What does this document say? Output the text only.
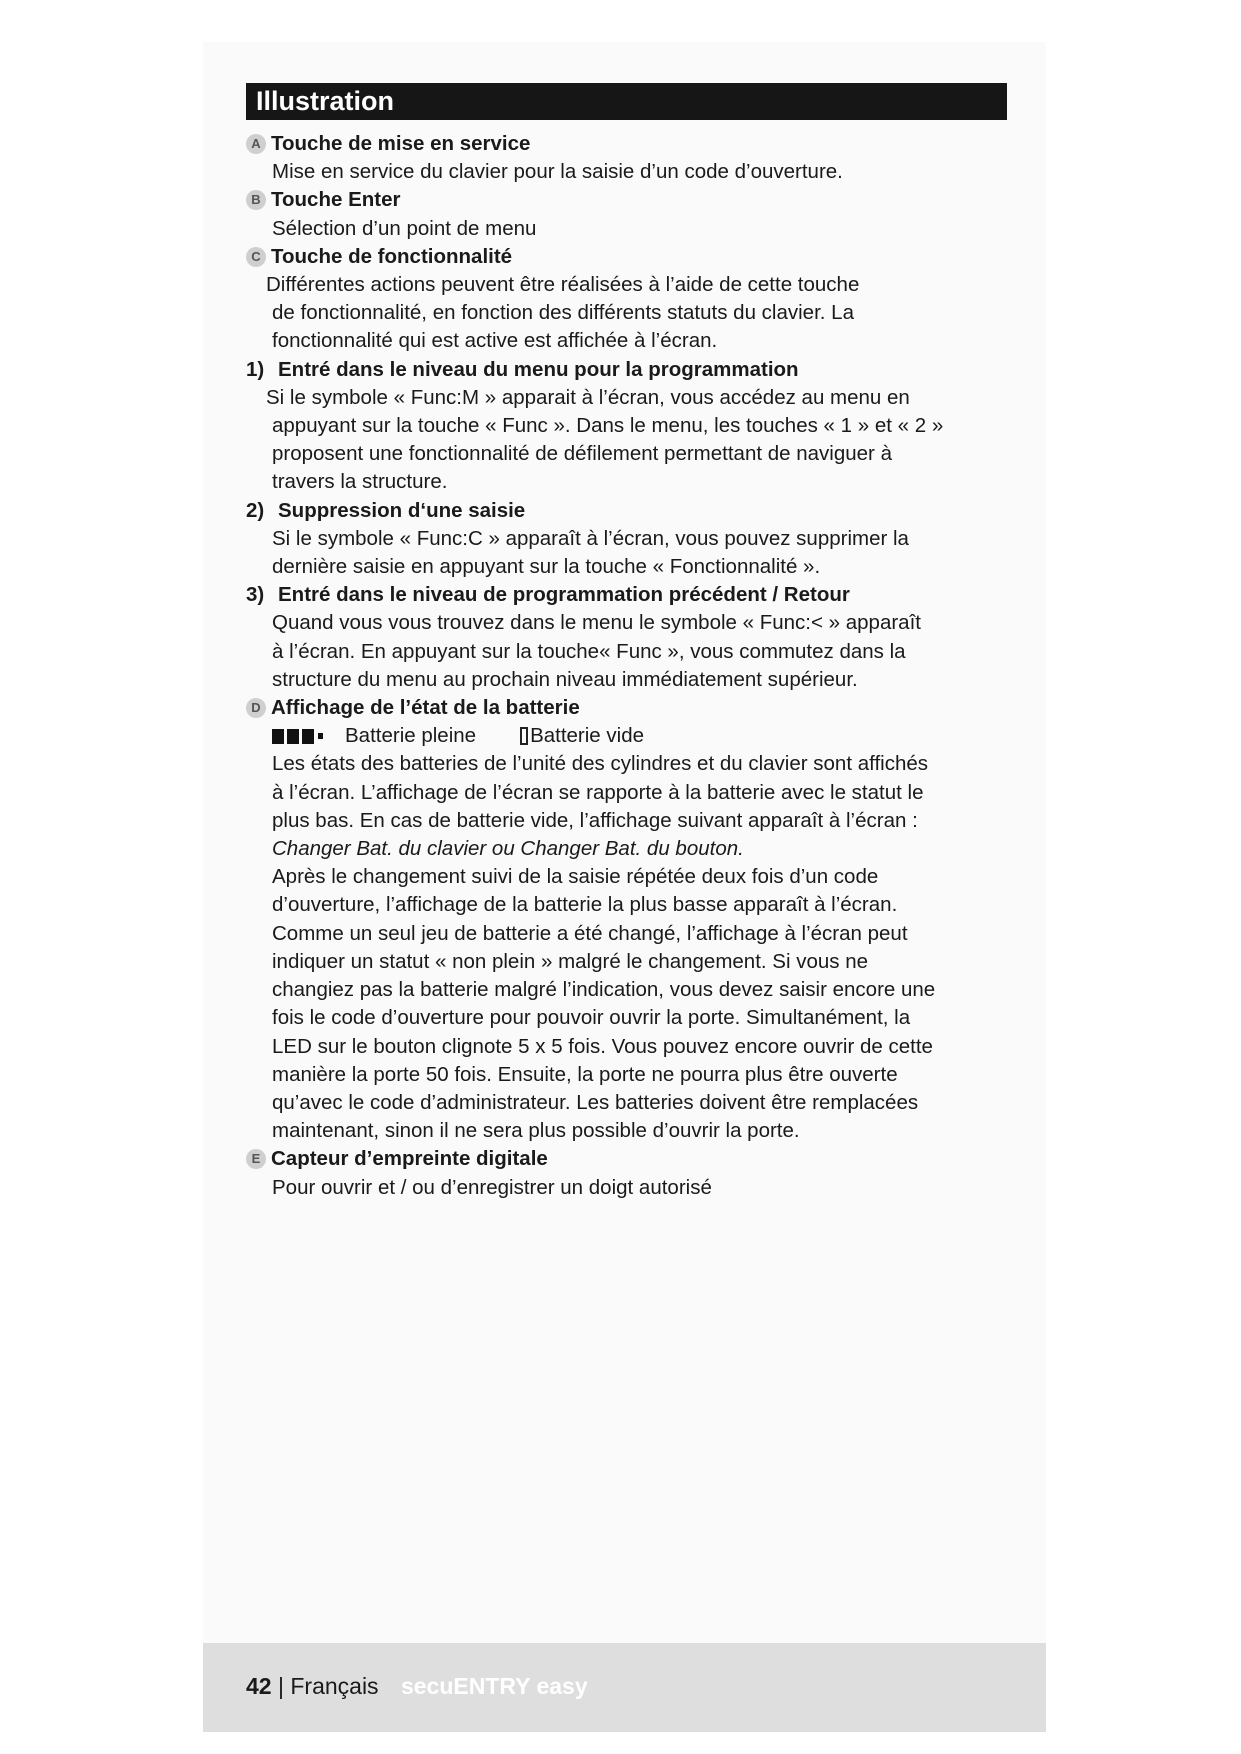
Illustration
A Touche de mise en service
Mise en service du clavier pour la saisie d’un code d’ouverture.
B Touche Enter
Sélection d’un point de menu
C Touche de fonctionnalité
Différentes actions peuvent être réalisées à l’aide de cette touche
de fonctionnalité, en fonction des différents statuts du clavier. La
fonctionnalité qui est active est affichée à l’écran.
1) Entré dans le niveau du menu pour la programmation
Si le symbole « Func:M » apparait à l’écran, vous accédez au menu en
appuyant sur la touche « Func ». Dans le menu, les touches « 1 » et « 2 »
proposent une fonctionnalité de défilement permettant de naviguer à
travers la structure.
2) Suppression d‘une saisie
Si le symbole « Func:C » apparaît à l’écran, vous pouvez supprimer la
dernière saisie en appuyant sur la touche « Fonctionnalité ».
3) Entré dans le niveau de programmation précédent / Retour
Quand vous vous trouvez dans le menu le symbole « Func:< » apparaît
à l’écran. En appuyant sur la touche« Func », vous commutez dans la
structure du menu au prochain niveau immédiatement supérieur.
D Affichage de l’état de la batterie
Batterie pleine	Batterie vide
Les états des batteries de l’unité des cylindres et du clavier sont affichés
à l’écran. L’affichage de l’écran se rapporte à la batterie avec le statut le
plus bas. En cas de batterie vide, l’affichage suivant apparaît à l’écran :
Changer Bat. du clavier ou Changer Bat. du bouton.
Après le changement suivi de la saisie répétée deux fois d’un code
d’ouverture, l’affichage de la batterie la plus basse apparaît à l’écran.
Comme un seul jeu de batterie a été changé, l’affichage à l’écran peut
indiquer un statut « non plein » malgré le changement. Si vous ne
changiez pas la batterie malgré l’indication, vous devez saisir encore une
fois le code d’ouverture pour pouvoir ouvrir la porte. Simultanément, la
LED sur le bouton clignote 5 x 5 fois. Vous pouvez encore ouvrir de cette
manière la porte 50 fois. Ensuite, la porte ne pourra plus être ouverte
qu’avec le code d’administrateur. Les batteries doivent être remplacées
maintenant, sinon il ne sera plus possible d’ouvrir la porte.
E Capteur d’empreinte digitale
Pour ouvrir et / ou d’enregistrer un doigt autorisé
42 | Français secuENTRY easy
